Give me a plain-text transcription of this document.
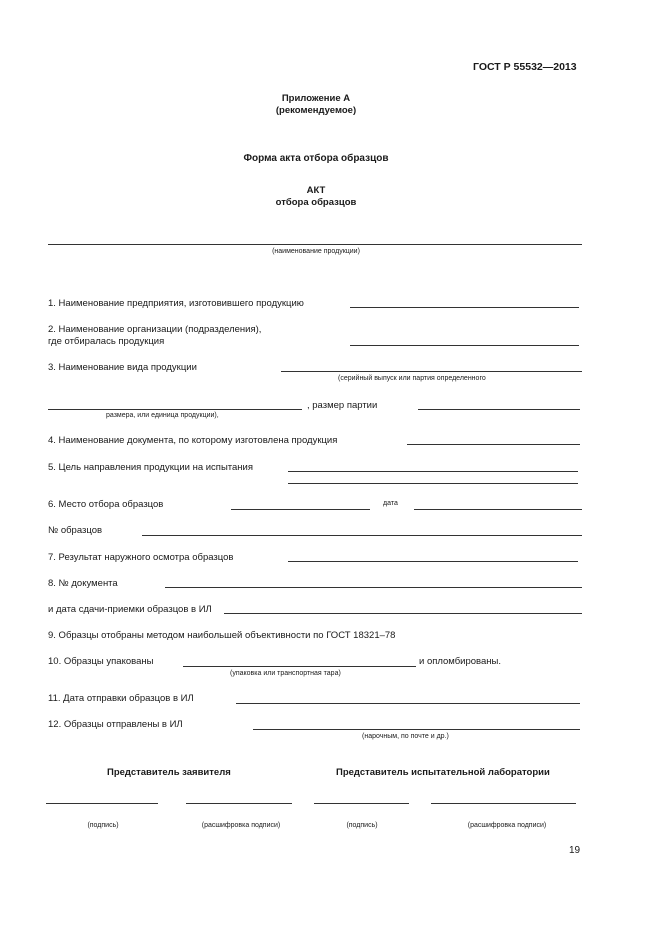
ГОСТ Р 55532—2013
Приложение А
(рекомендуемое)
Форма акта отбора образцов
АКТ
отбора образцов
(наименование продукции)
1. Наименование предприятия, изготовившего продукцию
2. Наименование организации (подразделения),
где отбиралась продукция
3. Наименование вида продукции
(серийный выпуск или партия определенного
, размер партии
размера, или единица продукции),
4. Наименование документа, по которому изготовлена продукция
5. Цель направления продукции на испытания
6. Место отбора образцов	дата
№ образцов
7. Результат наружного осмотра образцов
8. № документа
и дата сдачи-приемки образцов в ИЛ
9. Образцы отобраны методом наибольшей объективности по ГОСТ 18321–78
10. Образцы упакованы	и опломбированы.
(упаковка или транспортная тара)
11. Дата отправки образцов в ИЛ
12. Образцы отправлены в ИЛ
(нарочным, по почте и др.)
Представитель заявителя	Представитель испытательной лаборатории
(подпись)	(расшифровка подписи)	(подпись)	(расшифровка подписи)
19
